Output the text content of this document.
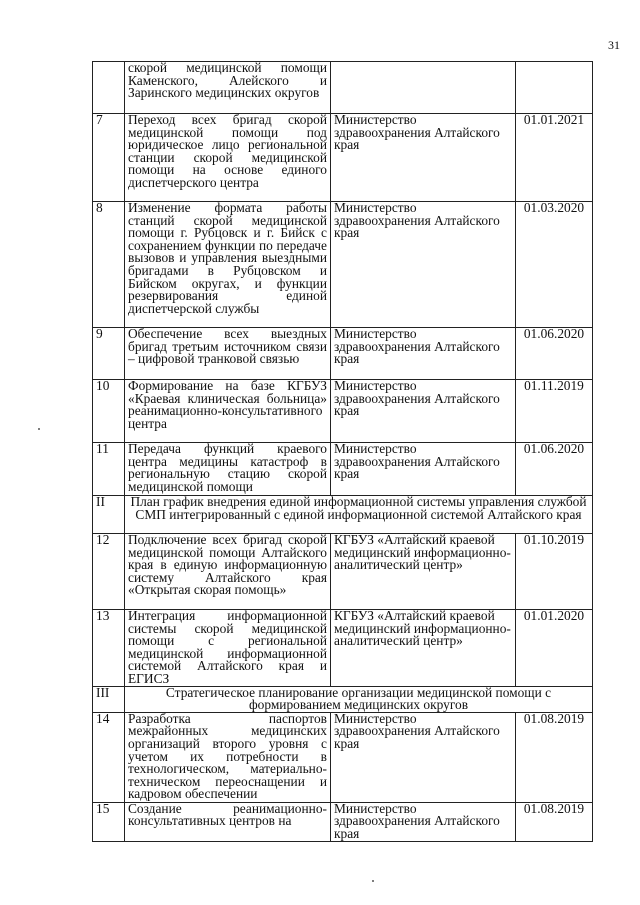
31
	скорой медицинской помощи Каменского, Алейского и Заринского медицинских округов		
7	Переход всех бригад скорой медицинской помощи под юридическое лицо региональной станции скорой медицинской помощи на основе единого диспетчерского центра	Министерство здравоохранения Алтайского края	01.01.2021
8	Изменение формата работы станций скорой медицинской помощи г. Рубцовск и г. Бийск с сохранением функции по передаче вызовов и управления выездными бригадами в Рубцовском и Бийском округах, и функции резервирования единой диспетчерской службы	Министерство здравоохранения Алтайского края	01.03.2020
9	Обеспечение всех выездных бригад третьим источником связи – цифровой транковой связью	Министерство здравоохранения Алтайского края	01.06.2020
10	Формирование на базе КГБУЗ «Краевая клиническая больница» реанимационно-консультативного центра	Министерство здравоохранения Алтайского края	01.11.2019
11	Передача функций краевого центра медицины катастроф в региональную стацию скорой медицинской помощи	Министерство здравоохранения Алтайского края	01.06.2020
II	План график внедрения единой информационной системы управления службой СМП интегрированный с единой информационной системой Алтайского края		
12	Подключение всех бригад скорой медицинской помощи Алтайского края в единую информационную систему Алтайского края «Открытая скорая помощь»	КГБУЗ «Алтайский краевой медицинский информационно-аналитический центр»	01.10.2019
13	Интеграция информационной системы скорой медицинской помощи с региональной медицинской информационной системой Алтайского края и ЕГИСЗ	КГБУЗ «Алтайский краевой медицинский информационно-аналитический центр»	01.01.2020
III	Стратегическое планирование организации медицинской помощи с формированием медицинских округов		
14	Разработка паспортов межрайонных медицинских организаций второго уровня с учетом их потребности в технологическом, материально-техническом переоснащении и кадровом обеспечении	Министерство здравоохранения Алтайского края	01.08.2019
15	Создание реанимационно-консультативных центров на	Министерство здравоохранения Алтайского края	01.08.2019
